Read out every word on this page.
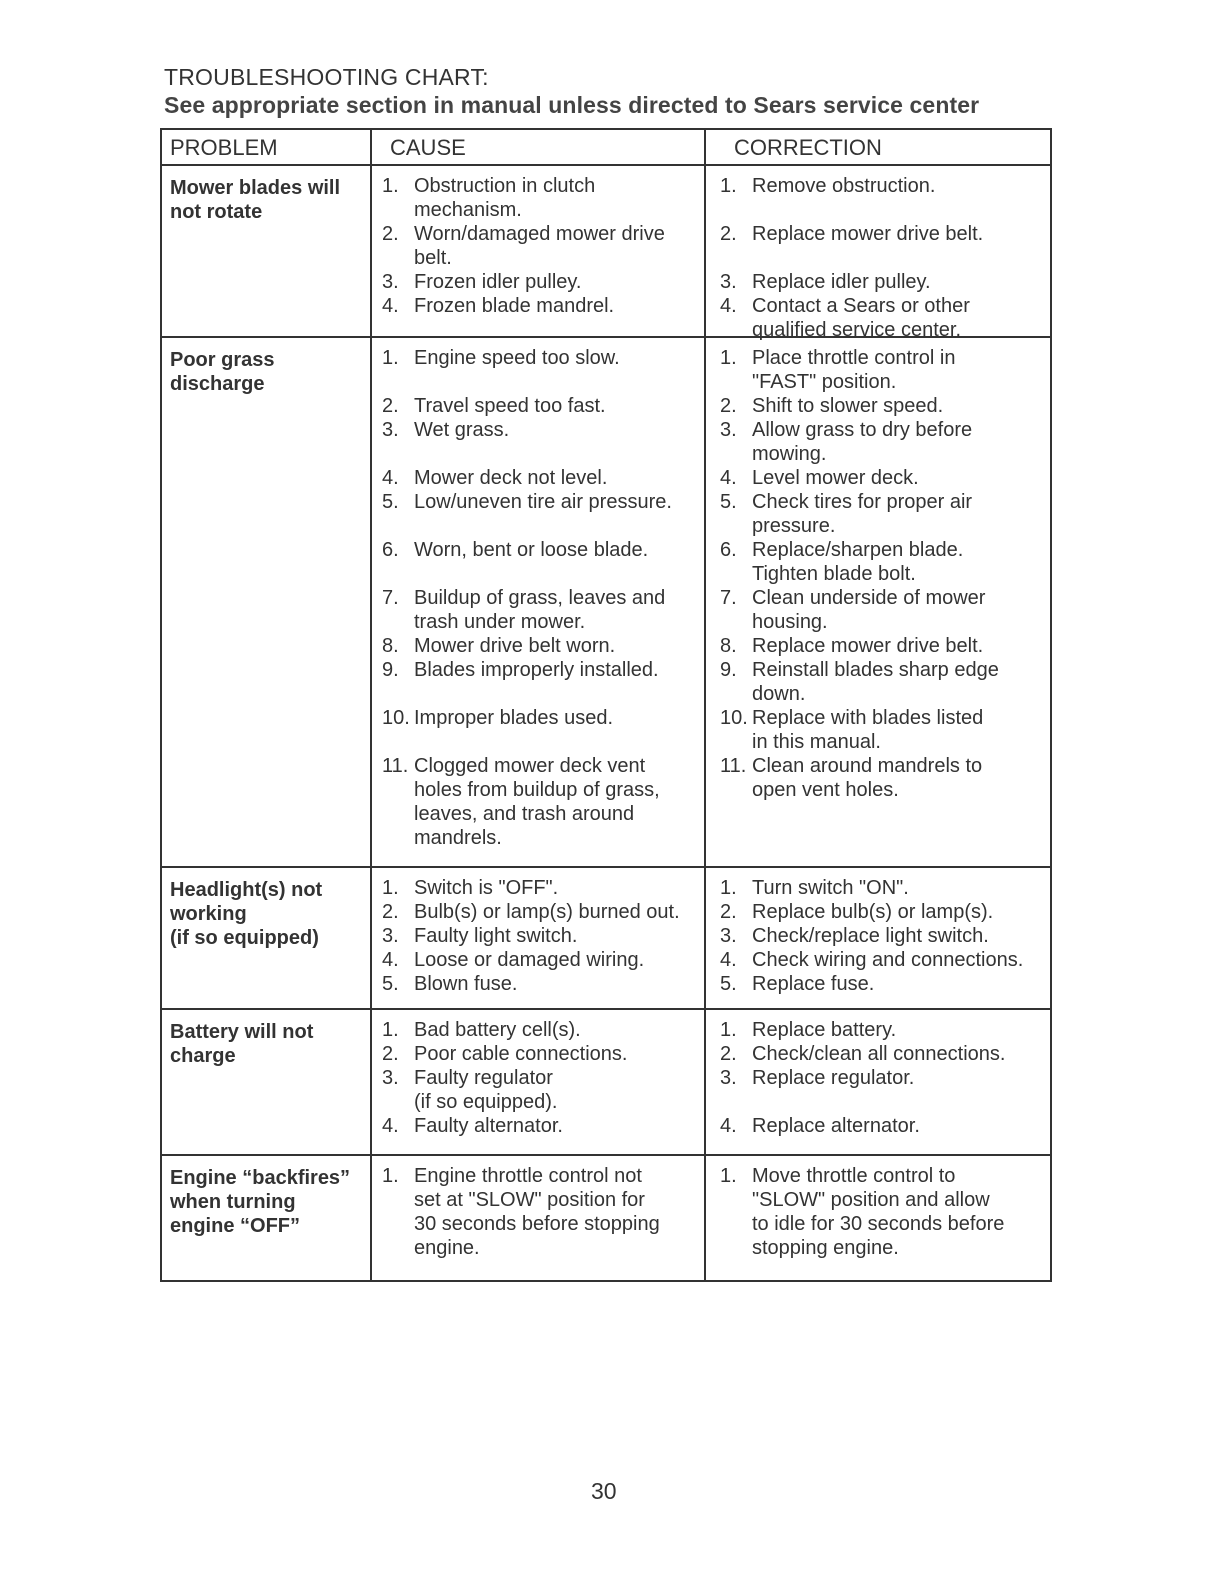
TROUBLESHOOTING CHART:
See appropriate section in manual unless directed to Sears service center
PROBLEM	CAUSE	CORRECTION
Mower blades will
not rotate
1. Obstruction in clutch
mechanism.
2. Worn/damaged mower drive
belt.
3. Frozen idler pulley.
4. Frozen blade mandrel.
1. Remove obstruction.
2. Replace mower drive belt.
3. Replace idler pulley.
4. Contact a Sears or other
qualified service center.
Poor grass
discharge
1. Engine speed too slow.
2. Travel speed too fast.
3. Wet grass.
4. Mower deck not level.
5. Low/uneven tire air pressure.
6. Worn, bent or loose blade.
7. Buildup of grass, leaves and
trash under mower.
8. Mower drive belt worn.
9. Blades improperly installed.
10. Improper blades used.
11. Clogged mower deck vent
holes from buildup of grass,
leaves, and trash around
mandrels.
1. Place throttle control in
"FAST" position.
2. Shift to slower speed.
3. Allow grass to dry before
mowing.
4. Level mower deck.
5. Check tires for proper air
pressure.
6. Replace/sharpen blade.
Tighten blade bolt.
7. Clean underside of mower
housing.
8. Replace mower drive belt.
9. Reinstall blades sharp edge
down.
10. Replace with blades listed
in this manual.
11. Clean around mandrels to
open vent holes.
Headlight(s) not
working
(if so equipped)
1. Switch is "OFF".
2. Bulb(s) or lamp(s) burned out.
3. Faulty light switch.
4. Loose or damaged wiring.
5. Blown fuse.
1. Turn switch "ON".
2. Replace bulb(s) or lamp(s).
3. Check/replace light switch.
4. Check wiring and connections.
5. Replace fuse.
Battery will not
charge
1. Bad battery cell(s).
2. Poor cable connections.
3. Faulty regulator
(if so equipped).
4. Faulty alternator.
1. Replace battery.
2. Check/clean all connections.
3. Replace regulator.
4. Replace alternator.
Engine “backfires”
when turning
engine “OFF”
1. Engine throttle control not
set at "SLOW" position for
30 seconds before stopping
engine.
1. Move throttle control to
"SLOW" position and allow
to idle for 30 seconds before
stopping engine.
30
